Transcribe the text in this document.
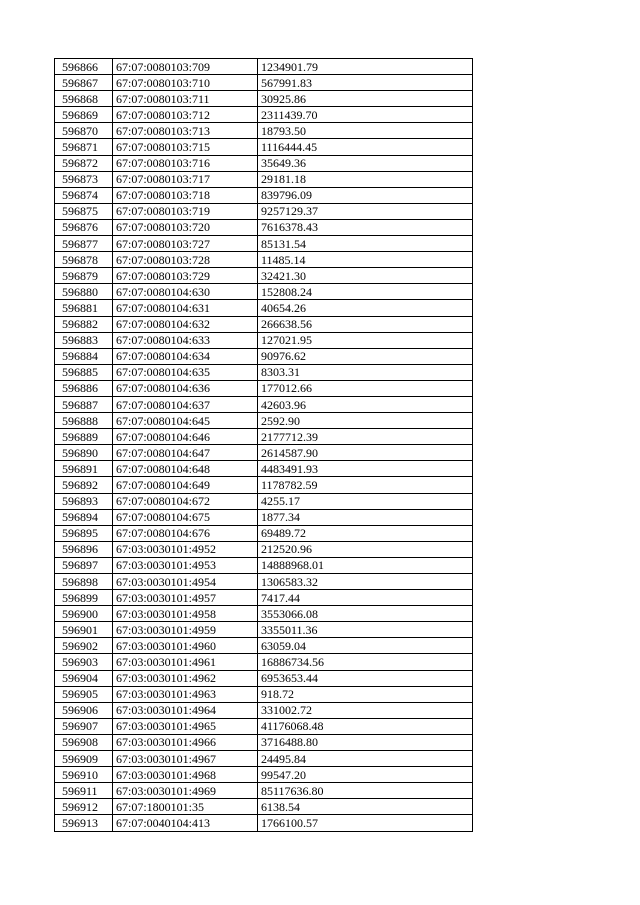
596866	67:07:0080103:709	1234901.79
596867	67:07:0080103:710	567991.83
596868	67:07:0080103:711	30925.86
596869	67:07:0080103:712	2311439.70
596870	67:07:0080103:713	18793.50
596871	67:07:0080103:715	1116444.45
596872	67:07:0080103:716	35649.36
596873	67:07:0080103:717	29181.18
596874	67:07:0080103:718	839796.09
596875	67:07:0080103:719	9257129.37
596876	67:07:0080103:720	7616378.43
596877	67:07:0080103:727	85131.54
596878	67:07:0080103:728	11485.14
596879	67:07:0080103:729	32421.30
596880	67:07:0080104:630	152808.24
596881	67:07:0080104:631	40654.26
596882	67:07:0080104:632	266638.56
596883	67:07:0080104:633	127021.95
596884	67:07:0080104:634	90976.62
596885	67:07:0080104:635	8303.31
596886	67:07:0080104:636	177012.66
596887	67:07:0080104:637	42603.96
596888	67:07:0080104:645	2592.90
596889	67:07:0080104:646	2177712.39
596890	67:07:0080104:647	2614587.90
596891	67:07:0080104:648	4483491.93
596892	67:07:0080104:649	1178782.59
596893	67:07:0080104:672	4255.17
596894	67:07:0080104:675	1877.34
596895	67:07:0080104:676	69489.72
596896	67:03:0030101:4952	212520.96
596897	67:03:0030101:4953	14888968.01
596898	67:03:0030101:4954	1306583.32
596899	67:03:0030101:4957	7417.44
596900	67:03:0030101:4958	3553066.08
596901	67:03:0030101:4959	3355011.36
596902	67:03:0030101:4960	63059.04
596903	67:03:0030101:4961	16886734.56
596904	67:03:0030101:4962	6953653.44
596905	67:03:0030101:4963	918.72
596906	67:03:0030101:4964	331002.72
596907	67:03:0030101:4965	41176068.48
596908	67:03:0030101:4966	3716488.80
596909	67:03:0030101:4967	24495.84
596910	67:03:0030101:4968	99547.20
596911	67:03:0030101:4969	85117636.80
596912	67:07:1800101:35	6138.54
596913	67:07:0040104:413	1766100.57
